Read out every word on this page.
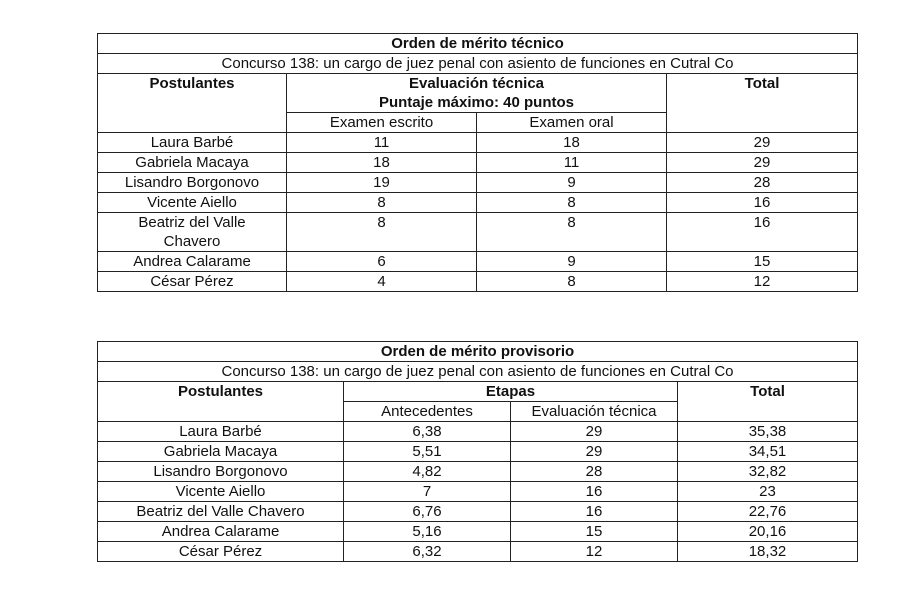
Orden de mérito técnico			
Concurso 138: un cargo de juez penal con asiento de funciones en Cutral Co			
Postulantes	Evaluación técnica		Total
	Puntaje máximo: 40 puntos		
	Examen escrito	Examen oral	
Laura Barbé	11	18	29
Gabriela Macaya	18	11	29
Lisandro Borgonovo	19	9	28
Vicente Aiello	8	8	16
Beatriz del Valle
Chavero	8	8	16
Andrea Calarame	6	9	15
César Pérez	4	8	12
Orden de mérito provisorio			
Concurso 138: un cargo de juez penal con asiento de funciones en Cutral Co			
Postulantes	Etapas		Total
	Antecedentes	Evaluación técnica	
Laura Barbé	6,38	29	35,38
Gabriela Macaya	5,51	29	34,51
Lisandro Borgonovo	4,82	28	32,82
Vicente Aiello	7	16	23
Beatriz del Valle Chavero	6,76	16	22,76
Andrea Calarame	5,16	15	20,16
César Pérez	6,32	12	18,32
